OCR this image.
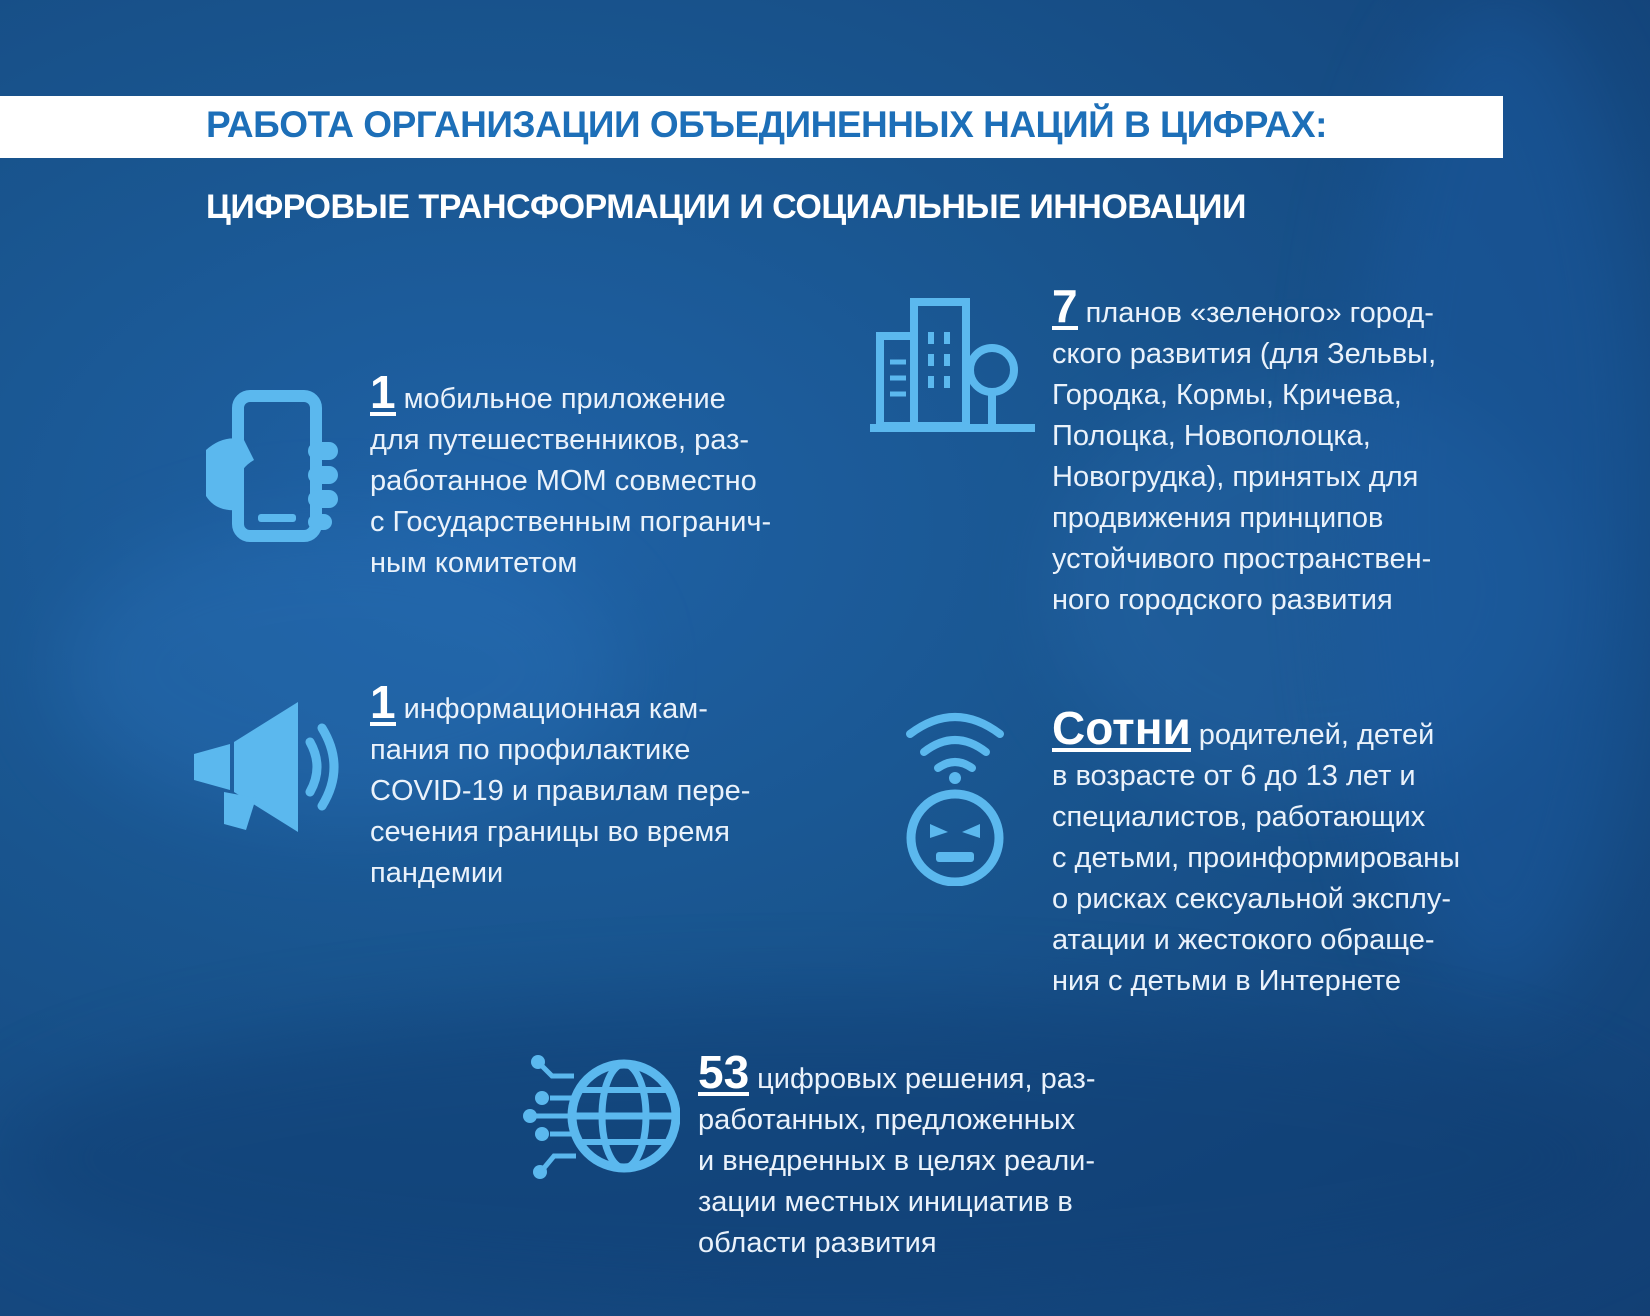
РАБОТА ОРГАНИЗАЦИИ ОБЪЕДИНЕННЫХ НАЦИЙ В ЦИФРАХ:
ЦИФРОВЫЕ ТРАНСФОРМАЦИИ И СОЦИАЛЬНЫЕ ИННОВАЦИИ
1 мобильное приложение
для путешественников, раз-
работанное МОМ совместно
с Государственным погранич-
ным комитетом
1 информационная кам-
пания по профилактике
COVID-19 и правилам пере-
сечения границы во время
пандемии
7 планов «зеленого» город-
ского развития (для Зельвы,
Городка, Кормы, Кричева,
Полоцка, Новополоцка,
Новогрудка), принятых для
продвижения принципов
устойчивого пространствен-
ного городского развития
Сотни родителей, детей
в возрасте от 6 до 13 лет и
специалистов, работающих
с детьми, проинформированы
о рисках сексуальной эксплу-
атации и жестокого обраще-
ния с детьми в Интернете
53 цифровых решения, раз-
работанных, предложенных
и внедренных в целях реали-
зации местных инициатив в
области развития
